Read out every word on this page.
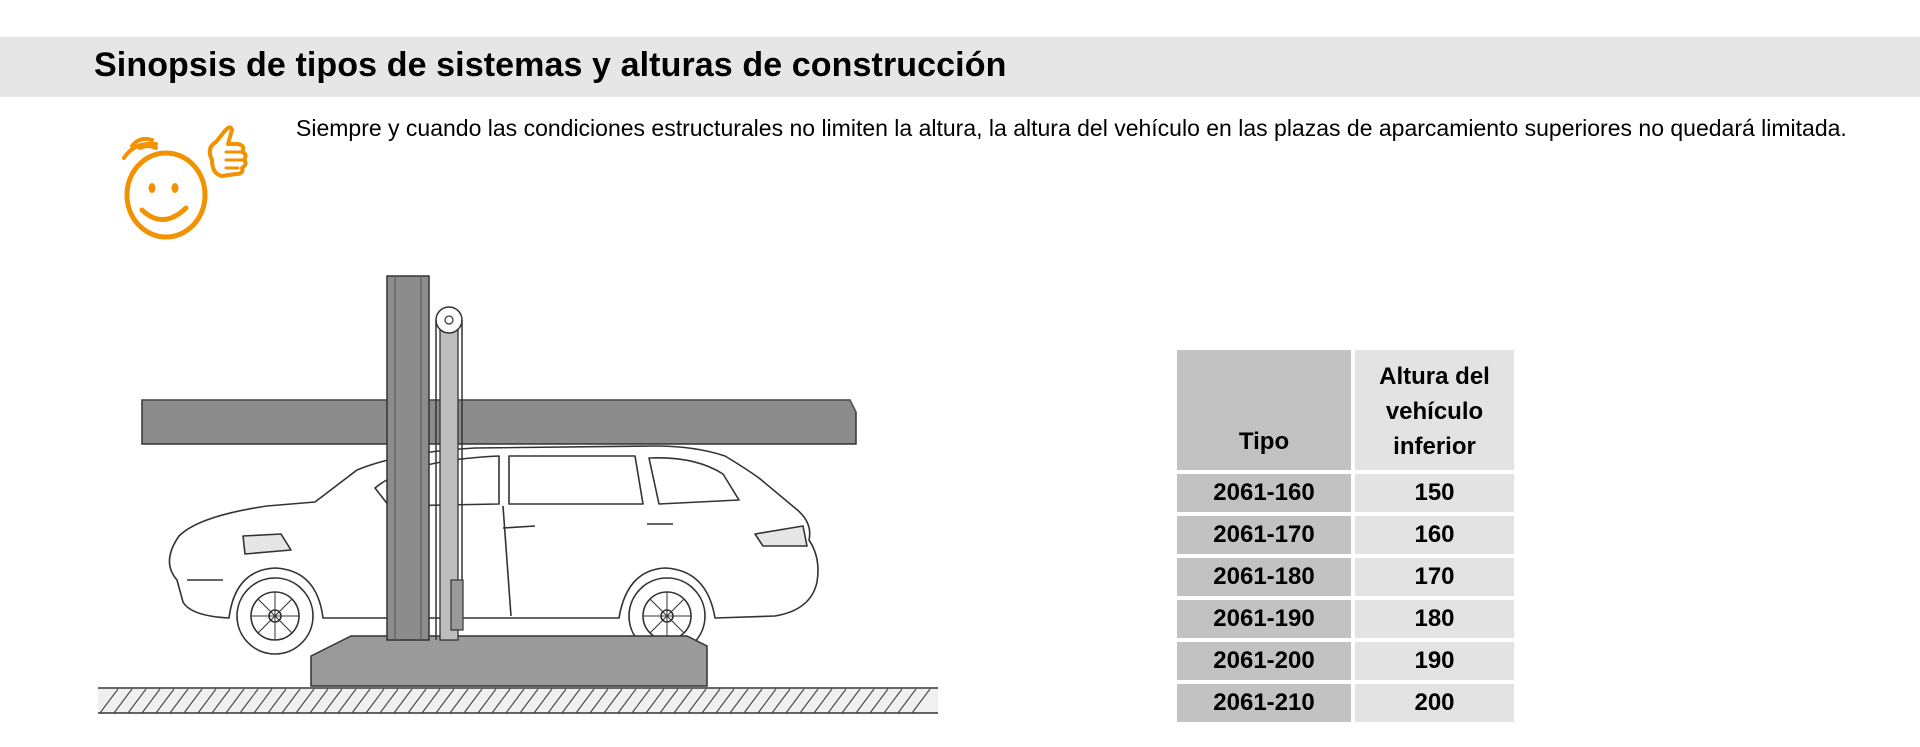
Sinopsis de tipos de sistemas y alturas de construcción

Siempre y cuando las condiciones estructurales no limiten la altura, la altura del vehículo en las plazas de aparcamiento superiores no quedará limitada.

Tipo	Altura del vehículo inferior
2061-160	150
2061-170	160
2061-180	170
2061-190	180
2061-200	190
2061-210	200
